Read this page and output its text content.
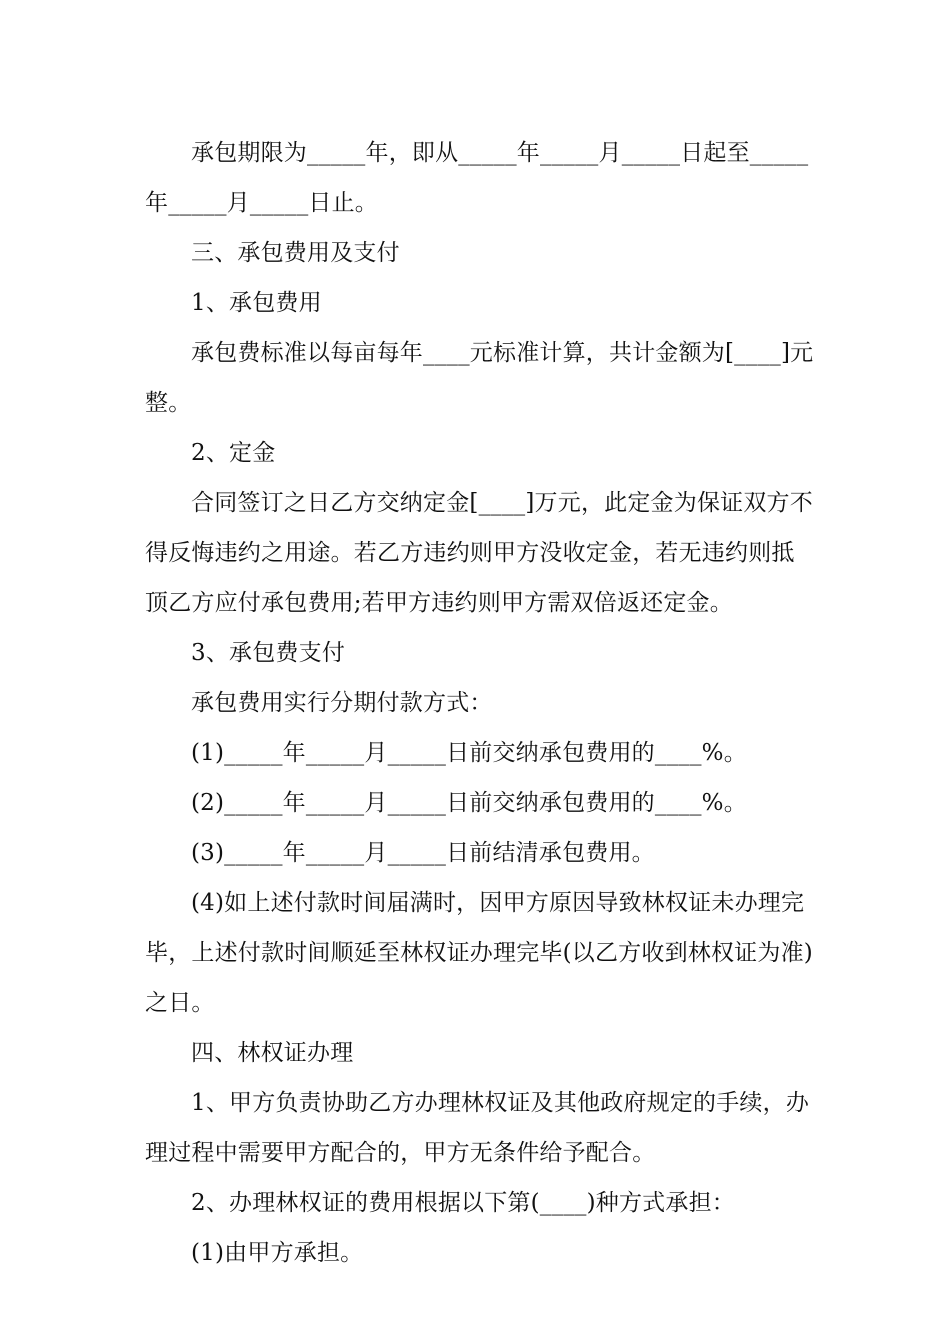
承包期限为_____年，即从_____年_____月_____日起至_____年_____月_____日止。

三、承包费用及支付

1、承包费用

承包费标准以每亩每年____元标准计算，共计金额为[____]元整。

2、定金

合同签订之日乙方交纳定金[____]万元，此定金为保证双方不得反悔违约之用途。若乙方违约则甲方没收定金，若无违约则抵顶乙方应付承包费用;若甲方违约则甲方需双倍返还定金。

3、承包费支付

承包费用实行分期付款方式：

(1)_____年_____月_____日前交纳承包费用的____%。

(2)_____年_____月_____日前交纳承包费用的____%。

(3)_____年_____月_____日前结清承包费用。

(4)如上述付款时间届满时，因甲方原因导致林权证未办理完毕，上述付款时间顺延至林权证办理完毕(以乙方收到林权证为准)之日。

四、林权证办理

1、甲方负责协助乙方办理林权证及其他政府规定的手续，办理过程中需要甲方配合的，甲方无条件给予配合。

2、办理林权证的费用根据以下第(____)种方式承担：

(1)由甲方承担。
